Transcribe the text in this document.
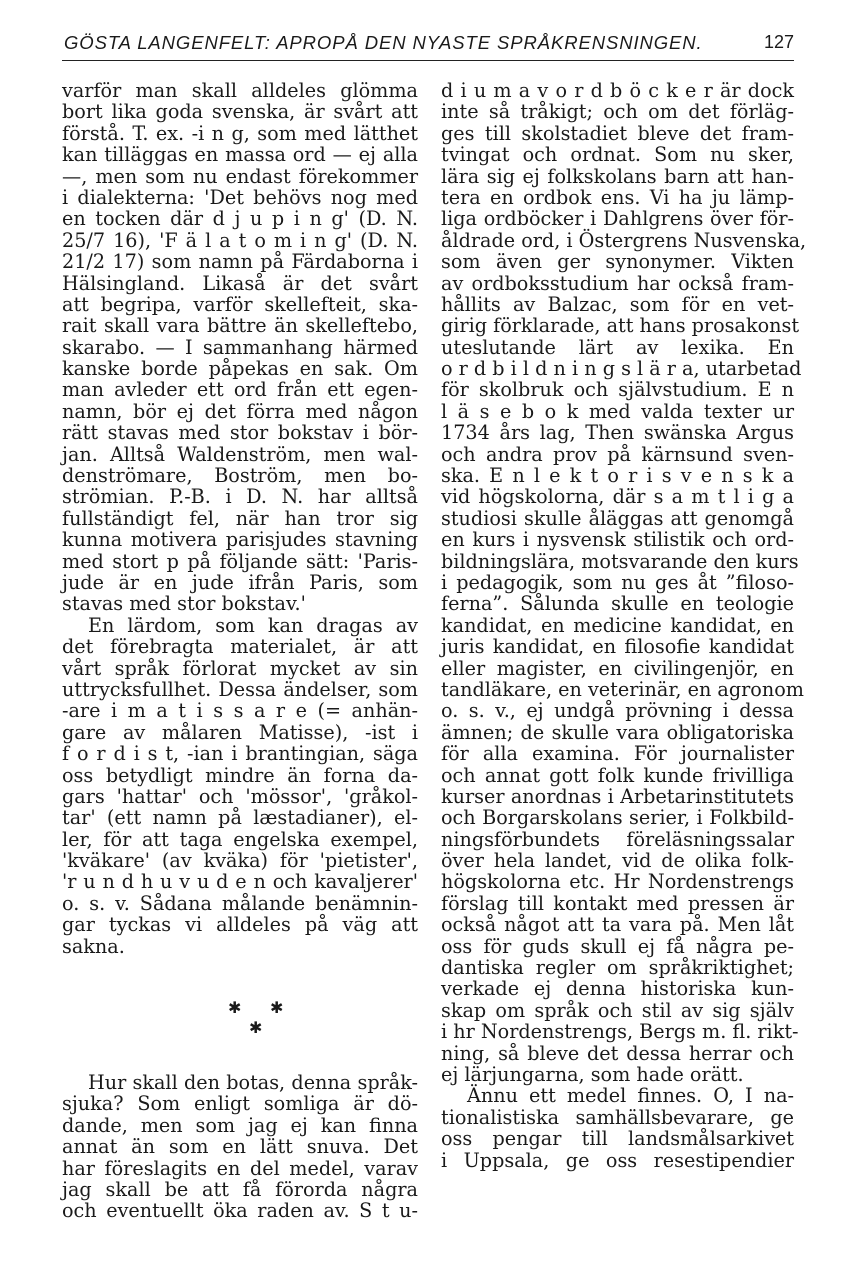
GÖSTA LANGENFELT: APROPÅ DEN NYASTE SPRÅKRENSNINGEN.	127
varför man skall alldeles glömma
bort lika goda svenska, är svårt att
förstå. T. ex. -i n g, som med lätthet
kan tilläggas en massa ord — ej alla
—, men som nu endast förekommer
i dialekterna: 'Det behövs nog med
en tocken där d j u p i n g' (D. N.
25/7 16), 'F ä l a t o m i n g' (D. N.
21/2 17) som namn på Färdaborna i
Hälsingland. Likaså är det svårt
att begripa, varför skellefteit, ska-
rait skall vara bättre än skelleftebo,
skarabo. — I sammanhang härmed
kanske borde påpekas en sak. Om
man avleder ett ord från ett egen-
namn, bör ej det förra med någon
rätt stavas med stor bokstav i bör-
jan. Alltså Waldenström, men wal-
denströmare, Boström, men bo-
strömian. P.-B. i D. N. har alltså
fullständigt fel, när han tror sig
kunna motivera parisjudes stavning
med stort p på följande sätt: 'Paris-
jude är en jude ifrån Paris, som
stavas med stor bokstav.'
En lärdom, som kan dragas av
det förebragta materialet, är att
vårt språk förlorat mycket av sin
uttrycksfullhet. Dessa ändelser, som
-are i m a t i s s a r e (= anhän-
gare av målaren Matisse), -ist i
f o r d i s t, -ian i brantingian, säga
oss betydligt mindre än forna da-
gars 'hattar' och 'mössor', 'gråkol-
tar' (ett namn på læstadianer), el-
ler, för att taga engelska exempel,
'kväkare' (av kväka) för 'pietister',
'r u n d h u v u d e n och kavaljerer'
o. s. v. Sådana målande benämnin-
gar tyckas vi alldeles på väg att
sakna.
✱ ✱
✱
Hur skall den botas, denna språk-
sjuka? Som enligt somliga är dö-
dande, men som jag ej kan finna
annat än som en lätt snuva. Det
har föreslagits en del medel, varav
jag skall be att få förorda några
och eventuellt öka raden av. S t u-
d i u m a v o r d b ö c k e r är dock
inte så tråkigt; och om det förläg-
ges till skolstadiet bleve det fram-
tvingat och ordnat. Som nu sker,
lära sig ej folkskolans barn att han-
tera en ordbok ens. Vi ha ju lämp-
liga ordböcker i Dahlgrens över för-
åldrade ord, i Östergrens Nusvenska,
som även ger synonymer. Vikten
av ordboksstudium har också fram-
hållits av Balzac, som för en vet-
girig förklarade, att hans prosakonst
uteslutande lärt av lexika. En
o r d b i l d n i n g s l ä r a, utarbetad
för skolbruk och självstudium. E n
l ä s e b o k med valda texter ur
1734 års lag, Then swänska Argus
och andra prov på kärnsund sven-
ska. E n l e k t o r i s v e n s k a
vid högskolorna, där s a m t l i g a
studiosi skulle åläggas att genomgå
en kurs i nysvensk stilistik och ord-
bildningslära, motsvarande den kurs
i pedagogik, som nu ges åt ”filoso-
ferna”. Sålunda skulle en teologie
kandidat, en medicine kandidat, en
juris kandidat, en filosofie kandidat
eller magister, en civilingenjör, en
tandläkare, en veterinär, en agronom
o. s. v., ej undgå prövning i dessa
ämnen; de skulle vara obligatoriska
för alla examina. För journalister
och annat gott folk kunde frivilliga
kurser anordnas i Arbetarinstitutets
och Borgarskolans serier, i Folkbild-
ningsförbundets föreläsningssalar
över hela landet, vid de olika folk-
högskolorna etc. Hr Nordenstrengs
förslag till kontakt med pressen är
också något att ta vara på. Men låt
oss för guds skull ej få några pe-
dantiska regler om språkriktighet;
verkade ej denna historiska kun-
skap om språk och stil av sig själv
i hr Nordenstrengs, Bergs m. fl. rikt-
ning, så bleve det dessa herrar och
ej lärjungarna, som hade orätt.
Ännu ett medel finnes. O, I na-
tionalistiska samhällsbevarare, ge
oss pengar till landsmålsarkivet
i Uppsala, ge oss resestipendier
